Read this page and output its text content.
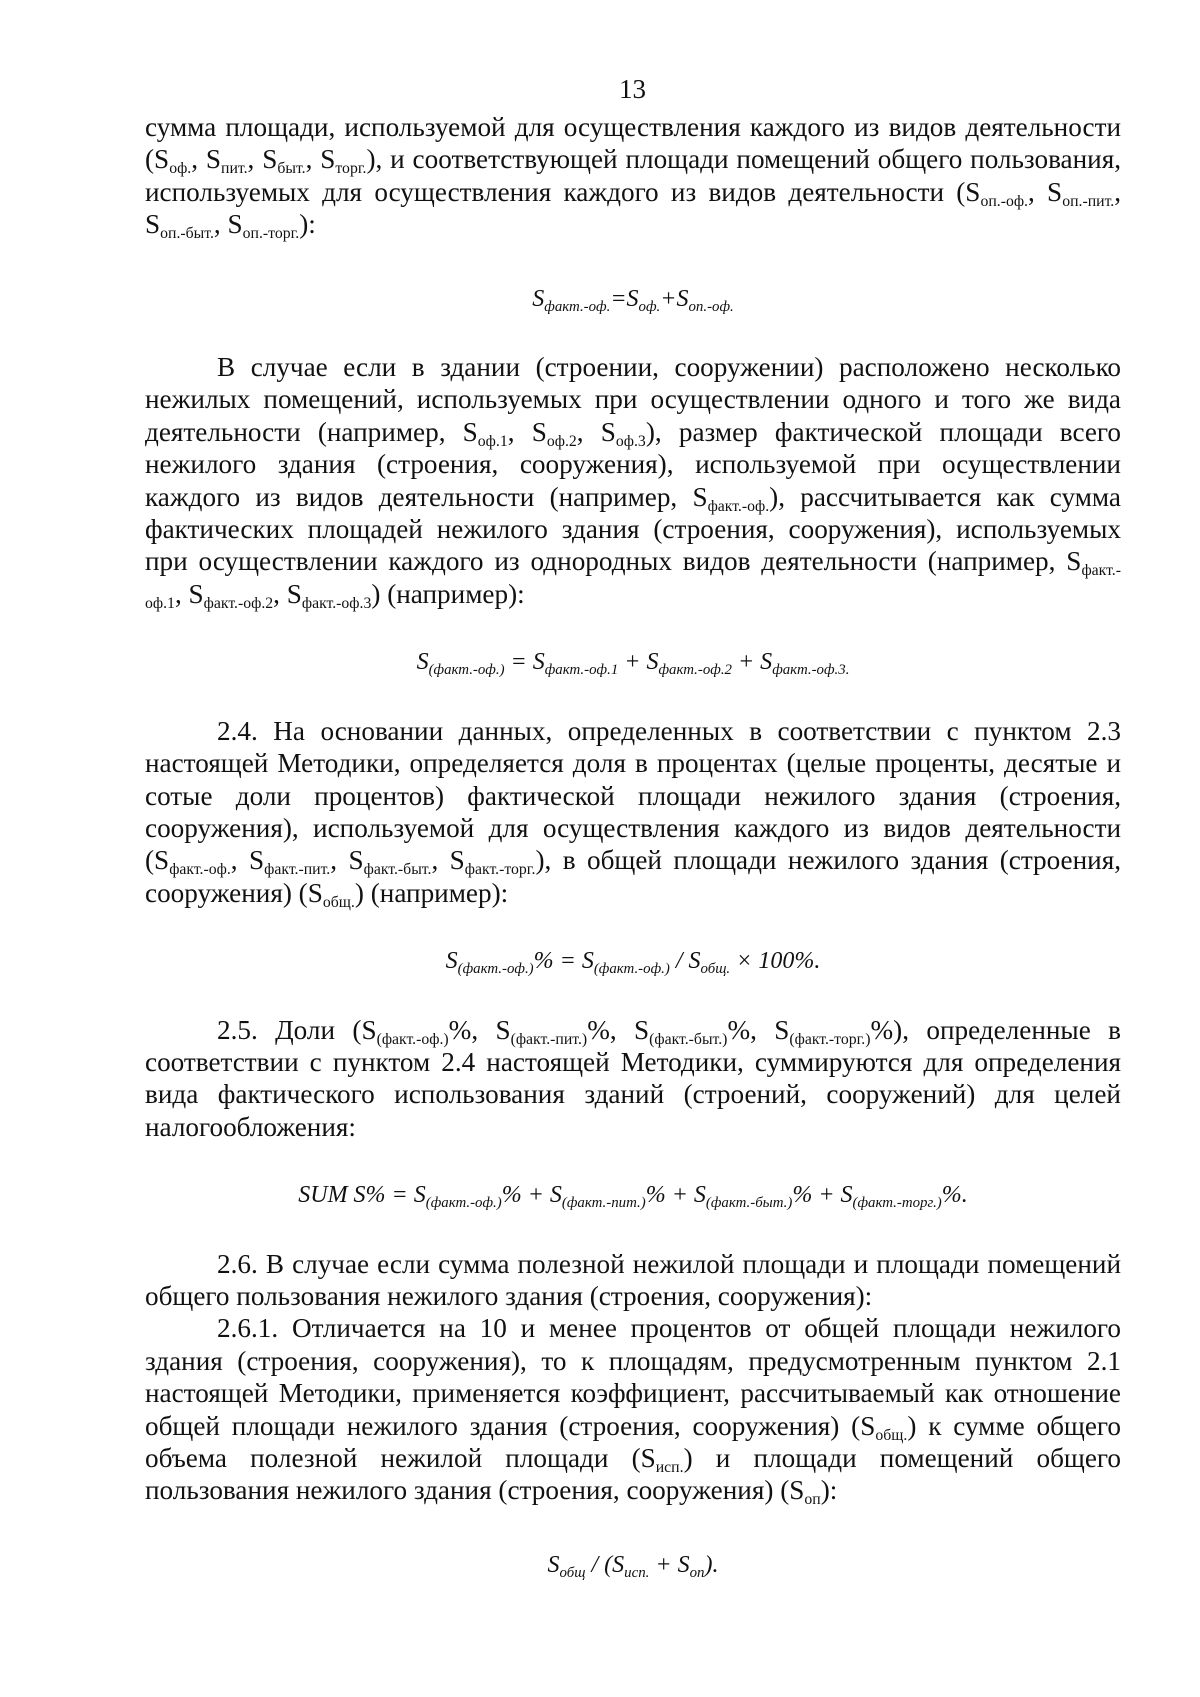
13

сумма площади, используемой для осуществления каждого из видов деятельности ($S_{оф.}$, $S_{пит.}$, $S_{быт.}$, $S_{торг.}$), и соответствующей площади помещений общего пользования, используемых для осуществления каждого из видов деятельности ($S_{оп.-оф.}$, $S_{оп.-пит.}$, $S_{оп.-быт.}$, $S_{оп.-торг.}$):

$S_{факт.-оф.}=S_{оф.}+S_{оп.-оф.}$

В случае если в здании (строении, сооружении) расположено несколько нежилых помещений, используемых при осуществлении одного и того же вида деятельности (например, $S_{оф.1}$, $S_{оф.2}$, $S_{оф.3}$), размер фактической площади всего нежилого здания (строения, сооружения), используемой при осуществлении каждого из видов деятельности (например, $S_{факт.-оф.}$), рассчитывается как сумма фактических площадей нежилого здания (строения, сооружения), используемых при осуществлении каждого из однородных видов деятельности (например, $S_{факт.-оф.1}$, $S_{факт.-оф.2}$, $S_{факт.-оф.3}$) (например):

$S_{(факт.-оф.)} = S_{факт.-оф.1} + S_{факт.-оф.2} + S_{факт.-оф.3.}$

2.4. На основании данных, определенных в соответствии с пунктом 2.3 настоящей Методики, определяется доля в процентах (целые проценты, десятые и сотые доли процентов) фактической площади нежилого здания (строения, сооружения), используемой для осуществления каждого из видов деятельности ($S_{факт.-оф.}$, $S_{факт.-пит.}$, $S_{факт.-быт.}$, $S_{факт.-торг.}$), в общей площади нежилого здания (строения, сооружения) $(S_{общ.})$ (например):

$S_{(факт.-оф.)}\% = S_{(факт.-оф.)} / S_{общ.} \times 100\%$.

2.5. Доли ($S_{(факт.-оф.)}\%$, $S_{(факт.-пит.)}\%$, $S_{(факт.-быт.)}\%$, $S_{(факт.-торг.)}\%$), определенные в соответствии с пунктом 2.4 настоящей Методики, суммируются для определения вида фактического использования зданий (строений, сооружений) для целей налогообложения:

SUM $S\% = S_{(факт.-оф.)}\% + S_{(факт.-пит.)}\% + S_{(факт.-быт.)}\% + S_{(факт.-торг.)}\%$.

2.6. В случае если сумма полезной нежилой площади и площади помещений общего пользования нежилого здания (строения, сооружения):

2.6.1. Отличается на 10 и менее процентов от общей площади нежилого здания (строения, сооружения), то к площадям, предусмотренным пунктом 2.1 настоящей Методики, применяется коэффициент, рассчитываемый как отношение общей площади нежилого здания (строения, сооружения) $(S_{общ.})$ к сумме общего объема полезной нежилой площади $(S_{исп.})$ и площади помещений общего пользования нежилого здания (строения, сооружения) $(S_{оп})$:

$S_{общ} / (S_{исп.} + S_{оп})$.
